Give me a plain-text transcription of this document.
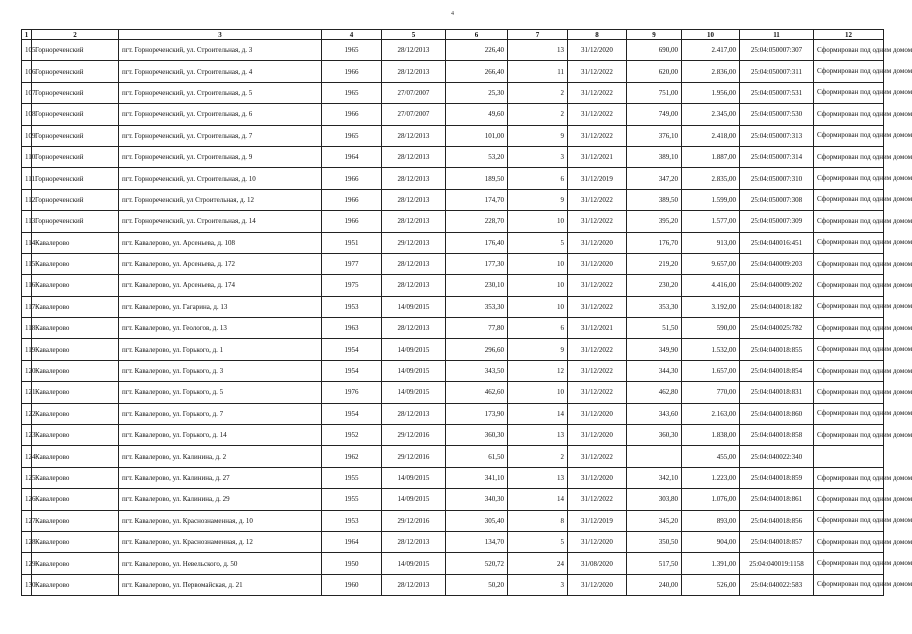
4
1	2	3	4	5	6	7	8	9	10	11	12
105	Горнореченский	пгт. Горнореченский, ул. Строительная, д. 3	1965	28/12/2013	226,40	13	31/12/2020	690,00	2.417,00	25:04:050007:307	Сформирован под одним домом
106	Горнореченский	пгт. Горнореченский, ул. Строительная, д. 4	1966	28/12/2013	266,40	11	31/12/2022	620,00	2.836,00	25:04:050007:311	Сформирован под одним домом
107	Горнореченский	пгт. Горнореченский, ул. Строительная, д. 5	1965	27/07/2007	25,30	2	31/12/2022	751,00	1.956,00	25:04:050007:531	Сформирован под одним домом
108	Горнореченский	пгт. Горнореченский, ул. Строительная, д. 6	1966	27/07/2007	49,60	2	31/12/2022	749,00	2.345,00	25:04:050007:530	Сформирован под одним домом
109	Горнореченский	пгт. Горнореченский, ул. Строительная, д. 7	1965	28/12/2013	101,00	9	31/12/2022	376,10	2.418,00	25:04:050007:313	Сформирован под одним домом
110	Горнореченский	пгт. Горнореченский, ул. Строительная, д. 9	1964	28/12/2013	53,20	3	31/12/2021	389,10	1.887,00	25:04:050007:314	Сформирован под одним домом
111	Горнореченский	пгт. Горнореченский, ул. Строительная, д. 10	1966	28/12/2013	189,50	6	31/12/2019	347,20	2.835,00	25:04:050007:310	Сформирован под одним домом
112	Горнореченский	пгт. Горнореченский, ул Строительная, д. 12	1966	28/12/2013	174,70	9	31/12/2022	389,50	1.599,00	25:04:050007:308	Сформирован под одним домом
113	Горнореченский	пгт. Горнореченский, ул. Строительная, д. 14	1966	28/12/2013	228,70	10	31/12/2022	395,20	1.577,00	25:04:050007:309	Сформирован под одним домом
114	Кавалерово	пгт. Кавалерово, ул. Арсеньева, д. 108	1951	29/12/2013	176,40	5	31/12/2020	176,70	913,00	25:04:040016:451	Сформирован под одним домом
115	Кавалерово	пгт. Кавалерово, ул. Арсеньева, д. 172	1977	28/12/2013	177,30	10	31/12/2020	219,20	9.657,00	25:04:040009:203	Сформирован под одним домом
116	Кавалерово	пгт. Кавалерово, ул. Арсеньева, д. 174	1975	28/12/2013	230,10	10	31/12/2022	230,20	4.416,00	25:04:040009:202	Сформирован под одним домом
117	Кавалерово	пгт. Кавалерово, ул. Гагарина, д. 13	1953	14/09/2015	353,30	10	31/12/2022	353,30	3.192,00	25:04:040018:182	Сформирован под одним домом
118	Кавалерово	пгт. Кавалерово, ул. Геологов, д. 13	1963	28/12/2013	77,80	6	31/12/2021	51,50	590,00	25:04:040025:782	Сформирован под одним домом
119	Кавалерово	пгт. Кавалерово, ул. Горького, д. 1	1954	14/09/2015	296,60	9	31/12/2022	349,90	1.532,00	25:04:040018:855	Сформирован под одним домом
120	Кавалерово	пгт. Кавалерово, ул. Горького, д. 3	1954	14/09/2015	343,50	12	31/12/2022	344,30	1.657,00	25:04:040018:854	Сформирован под одним домом
121	Кавалерово	пгт. Кавалерово, ул. Горького, д. 5	1976	14/09/2015	462,60	10	31/12/2022	462,80	770,00	25:04:040018:831	Сформирован под одним домом
122	Кавалерово	пгт. Кавалерово, ул. Горького, д. 7	1954	28/12/2013	173,90	14	31/12/2020	343,60	2.163,00	25:04:040018:860	Сформирован под одним домом
123	Кавалерово	пгт. Кавалерово, ул. Горького, д. 14	1952	29/12/2016	360,30	13	31/12/2020	360,30	1.838,00	25:04:040018:858	Сформирован под одним домом
124	Кавалерово	пгт. Кавалерово, ул. Калинина, д. 2	1962	29/12/2016	61,50	2	31/12/2022		455,00	25:04:040022:340	
125	Кавалерово	пгт. Кавалерово, ул. Калинина, д. 27	1955	14/09/2015	341,10	13	31/12/2020	342,10	1.223,00	25:04:040018:859	Сформирован под одним домом
126	Кавалерово	пгт. Кавалерово, ул. Калинина, д. 29	1955	14/09/2015	340,30	14	31/12/2022	303,80	1.076,00	25:04:040018:861	Сформирован под одним домом
127	Кавалерово	пгт. Кавалерово, ул. Краснознаменная, д. 10	1953	29/12/2016	305,40	8	31/12/2019	345,20	893,00	25:04:040018:856	Сформирован под одним домом
128	Кавалерово	пгт. Кавалерово, ул. Краснознаменная, д. 12	1964	28/12/2013	134,70	5	31/12/2020	350,50	904,00	25:04:040018:857	Сформирован под одним домом
129	Кавалерово	пгт. Кавалерово, ул. Невельского, д. 50	1950	14/09/2015	520,72	24	31/08/2020	517,50	1.391,00	25:04:040019:1158	Сформирован под одним домом
130	Кавалерово	пгт. Кавалерово, ул. Первомайская, д. 21	1960	28/12/2013	50,20	3	31/12/2020	240,00	526,00	25:04:040022:583	Сформирован под одним домом
